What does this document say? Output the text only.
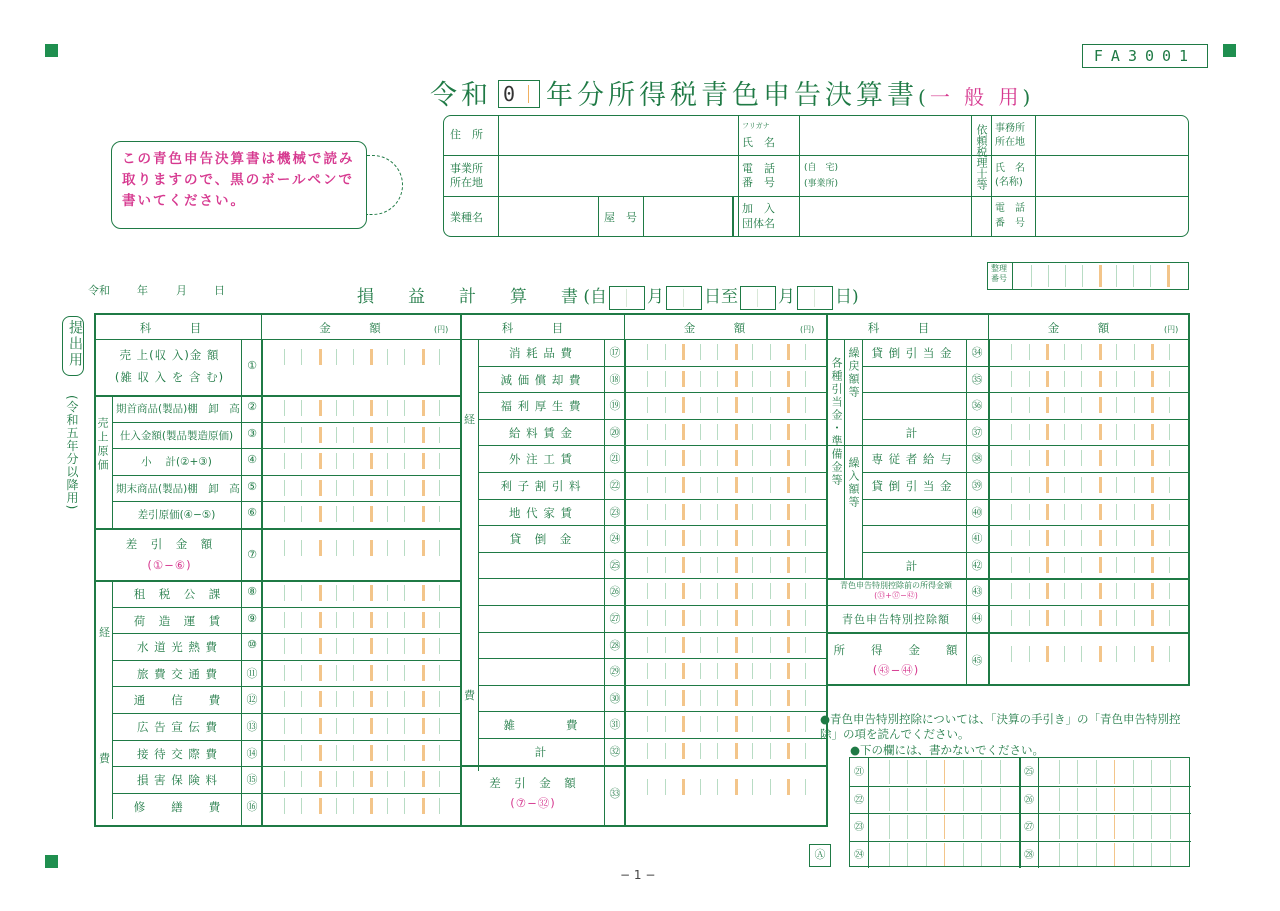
FA3001
令和 0 年分所得税青色申告決算書(一 般 用)
この青色申告決算書は機械で読み取りますので、黒のボールペンで書いてください。
住　所
事業所
所在地
業種名	屋　号
フリガナ
氏　名
電　話
番　号
(自　宅)
(事業所)
加　入
団体名
依頼税理士等 事務所
所在地
氏　名
(名称)
電　話
番　号
令和 年	月 日	損　　益　　計　　算　　書 (自 月 日至 月 日)
整理番号
提出用
(令和五年分以降用)
科　　　目	科　　　目	科　　　目
金　　　額	(円)	金　　　額	(円)	金　　　額	(円)
売 上(収 入)金 額
(雑 収 入 を 含 む)
①
売上原価
期首商品(製品)棚　卸　高 ②
仕入金額(製品製造原価)	③
小　 計(②+③)	④
期末商品(製品)棚　卸　高 ⑤
差引原価(④−⑤)	⑥
差　引　金　額
(①−⑥)
⑦
租　税　公　課	⑧
荷　造　運　賃	⑨
水 道 光 熱 費	⑩
旅 費 交 通 費	⑪
通　　信　　費	⑫
広 告 宣 伝 費	⑬
接 待 交 際 費	⑭
損 害 保 険 料	⑮
修　　繕　　費	⑯
経
費
経
費
消 耗 品 費	⑰
減 価 償 却 費	⑱
福 利 厚 生 費	⑲
給 料 賃 金	⑳
外 注 工 賃	㉑
利 子 割 引 料	㉒
地 代 家 賃	㉓
貸　倒　金	㉔
㉕
㉖
㉗
㉘
㉙
㉚
雑　　　　費	㉛
計	㉜
差　引　金　額
(⑦−㉜)
㉝
貸 倒 引 当 金	㉞
㉟
㊱
計	㊲
専 従 者 給 与	㊳
貸 倒 引 当 金	㊴
㊵
㊶
計	㊷
各種引当金・準備金等 繰戻額等
繰入額等
青色申告特別控除前の所得金額
(㉝+㊲−㊷)	㊸
青色申告特別控除額	㊹
所　　得　　金　　額
(㊸−㊹)
㊺
●青色申告特別控除については、「決算の手引き」の「青色申告特別控除」の項を読んでください。
●下の欄には、書かないでください。
㉑	㉕
㉒	㉖
㉓	㉗
㉔	㉘
Ⓐ
− 1 −
